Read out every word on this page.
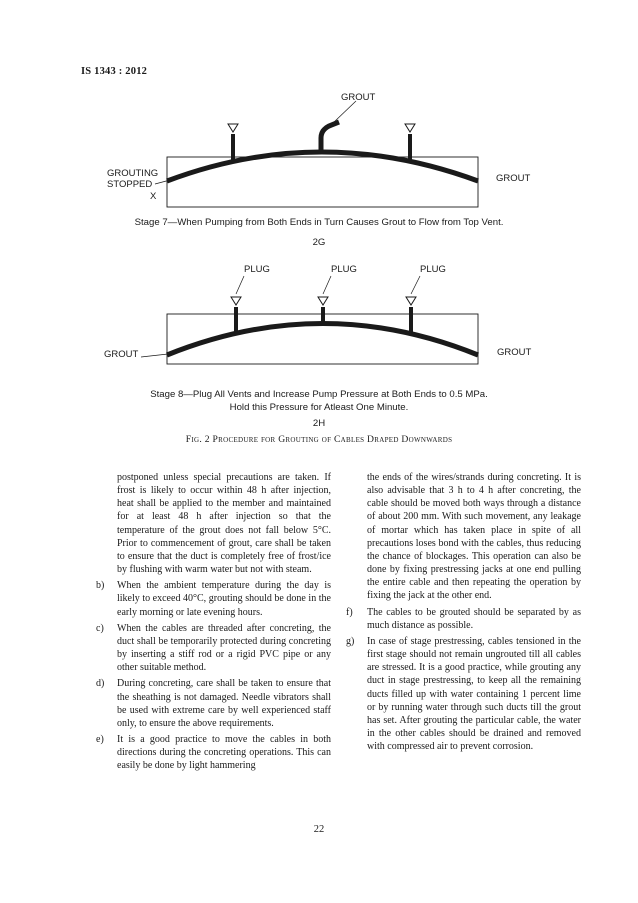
IS 1343 : 2012
GROUT
GROUTING
STOPPED
GROUT
X
PLUG	PLUG	PLUG
GROUT	GROUT
Stage 7—When Pumping from Both Ends in Turn Causes Grout to Flow from Top Vent.
2G
Stage 8—Plug All Vents and Increase Pump Pressure at Both Ends to 0.5 MPa.
Hold this Pressure for Atleast One Minute.
2H
Fig. 2 Procedure for Grouting of Cables Draped Downwards

postponed unless special precautions are taken. If frost is likely to occur within 48 h after injection, heat shall be applied to the member and maintained for at least 48 h after injection so that the temperature of the grout does not fall below 5°C. Prior to commencement of grout, care shall be taken to ensure that the duct is completely free of frost/ice by flushing with warm water but not with steam.

b) When the ambient temperature during the day is likely to exceed 40°C, grouting should be done in the early morning or late evening hours.

c) When the cables are threaded after concreting, the duct shall be temporarily protected during concreting by inserting a stiff rod or a rigid PVC pipe or any other suitable method.

d) During concreting, care shall be taken to ensure that the sheathing is not damaged. Needle vibrators shall be used with extreme care by well experienced staff only, to ensure the above requirements.

e) It is a good practice to move the cables in both directions during the concreting operations. This can easily be done by light hammering

the ends of the wires/strands during concreting. It is also advisable that 3 h to 4 h after concreting, the cable should be moved both ways through a distance of about 200 mm. With such movement, any leakage of mortar which has taken place in spite of all precautions loses bond with the cables, thus reducing the chance of blockages. This operation can also be done by fixing prestressing jacks at one end pulling the entire cable and then repeating the operation by fixing the jack at the other end.

f) The cables to be grouted should be separated by as much distance as possible.

g) In case of stage prestressing, cables tensioned in the first stage should not remain ungrouted till all cables are stressed. It is a good practice, while grouting any duct in stage prestressing, to keep all the remaining ducts filled up with water containing 1 percent lime or by running water through such ducts till the grout has set. After grouting the particular cable, the water in the other cables should be drained and removed with compressed air to prevent corrosion.

22
